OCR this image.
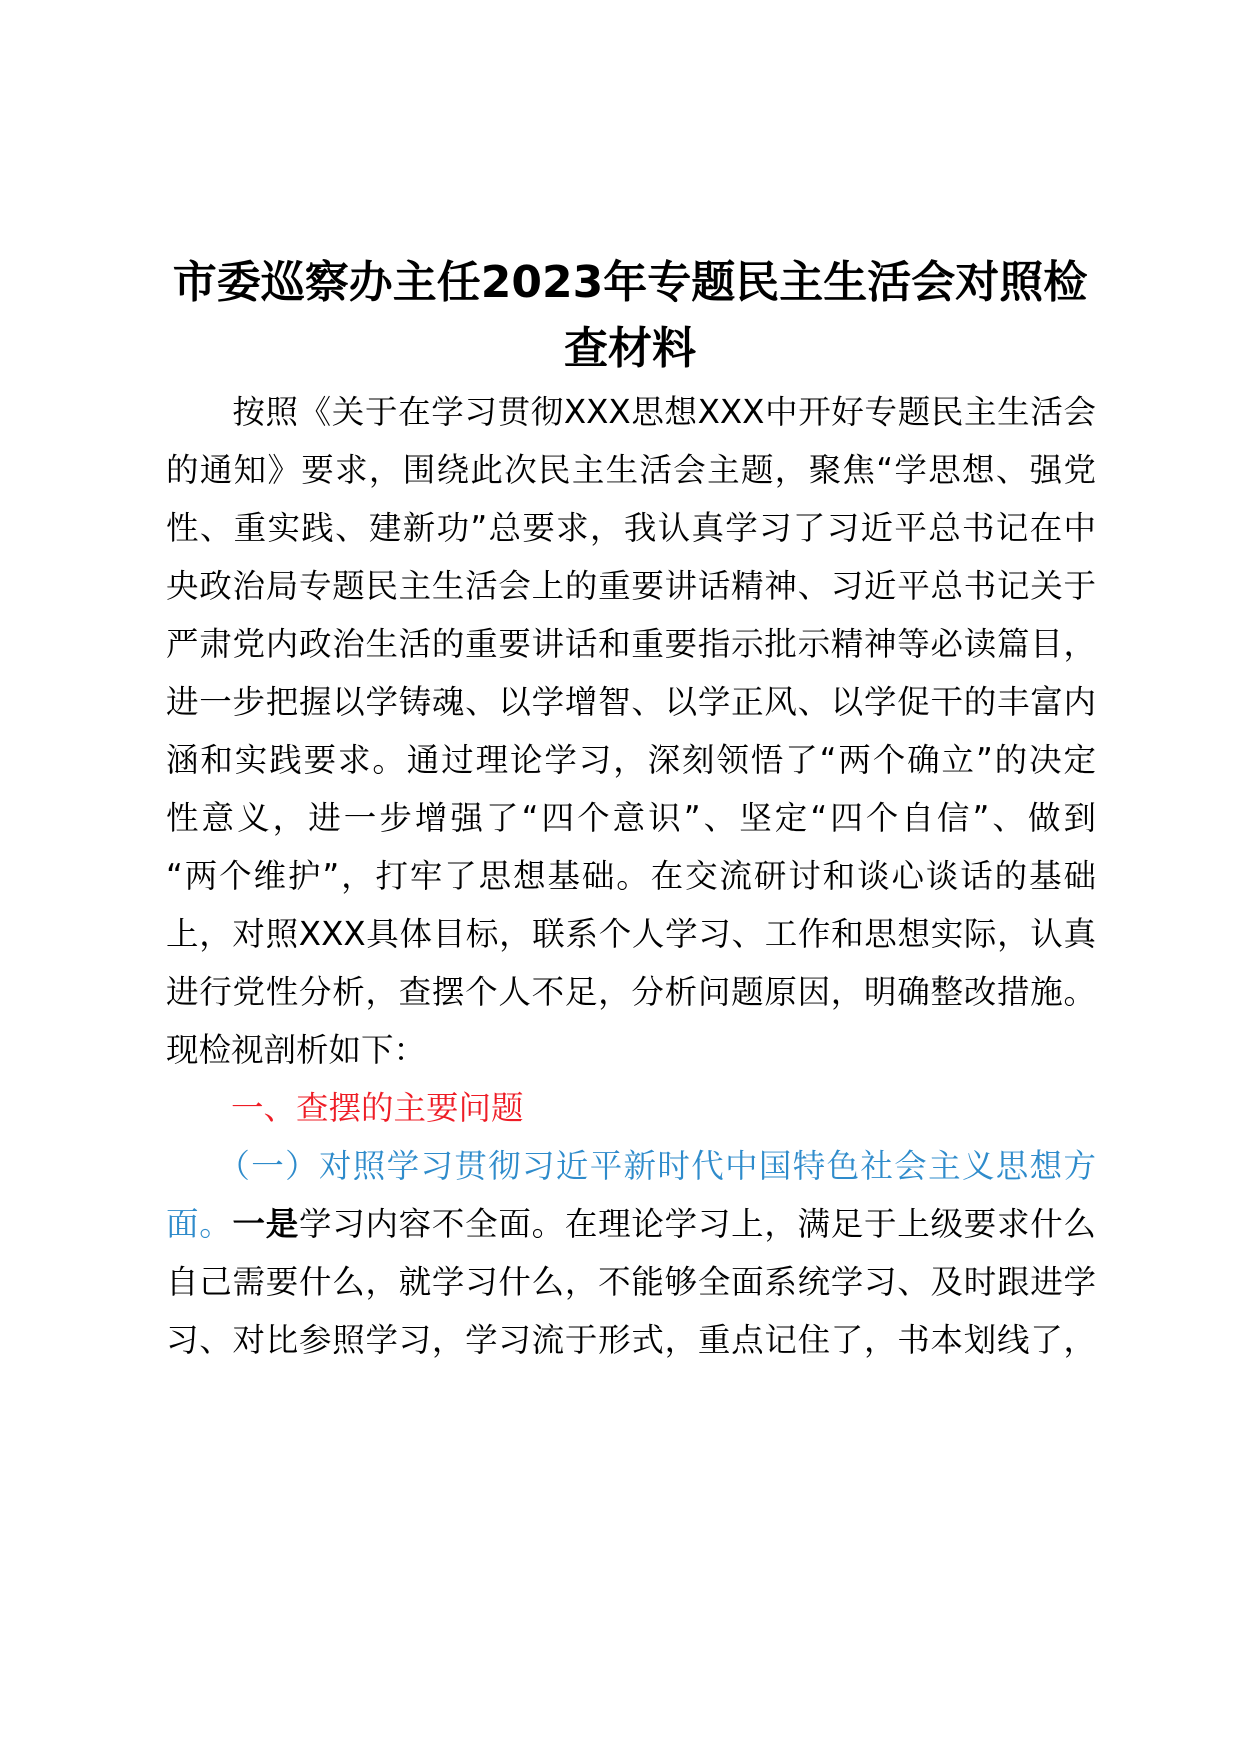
市委巡察办主任2023年专题民主生活会对照检查材料

　　按照《关于在学习贯彻XXX思想XXX中开好专题民主生活会

的通知》要求，围绕此次民主生活会主题，聚焦“学思想、强党

性、重实践、建新功”总要求，我认真学习了习近平总书记在中

央政治局专题民主生活会上的重要讲话精神、习近平总书记关于

严肃党内政治生活的重要讲话和重要指示批示精神等必读篇目，

进一步把握以学铸魂、以学增智、以学正风、以学促干的丰富内

涵和实践要求。通过理论学习，深刻领悟了“两个确立”的决定

性意义，进一步增强了“四个意识”、坚定“四个自信”、做到

“两个维护”，打牢了思想基础。在交流研讨和谈心谈话的基础

上，对照XXX具体目标，联系个人学习、工作和思想实际，认真

进行党性分析，查摆个人不足，分析问题原因，明确整改措施。

现检视剖析如下：

　　一、查摆的主要问题

　　（一）对照学习贯彻习近平新时代中国特色社会主义思想方

面。一是学习内容不全面。在理论学习上，满足于上级要求什么

自己需要什么，就学习什么，不能够全面系统学习、及时跟进学

习、对比参照学习，学习流于形式，重点记住了，书本划线了，
